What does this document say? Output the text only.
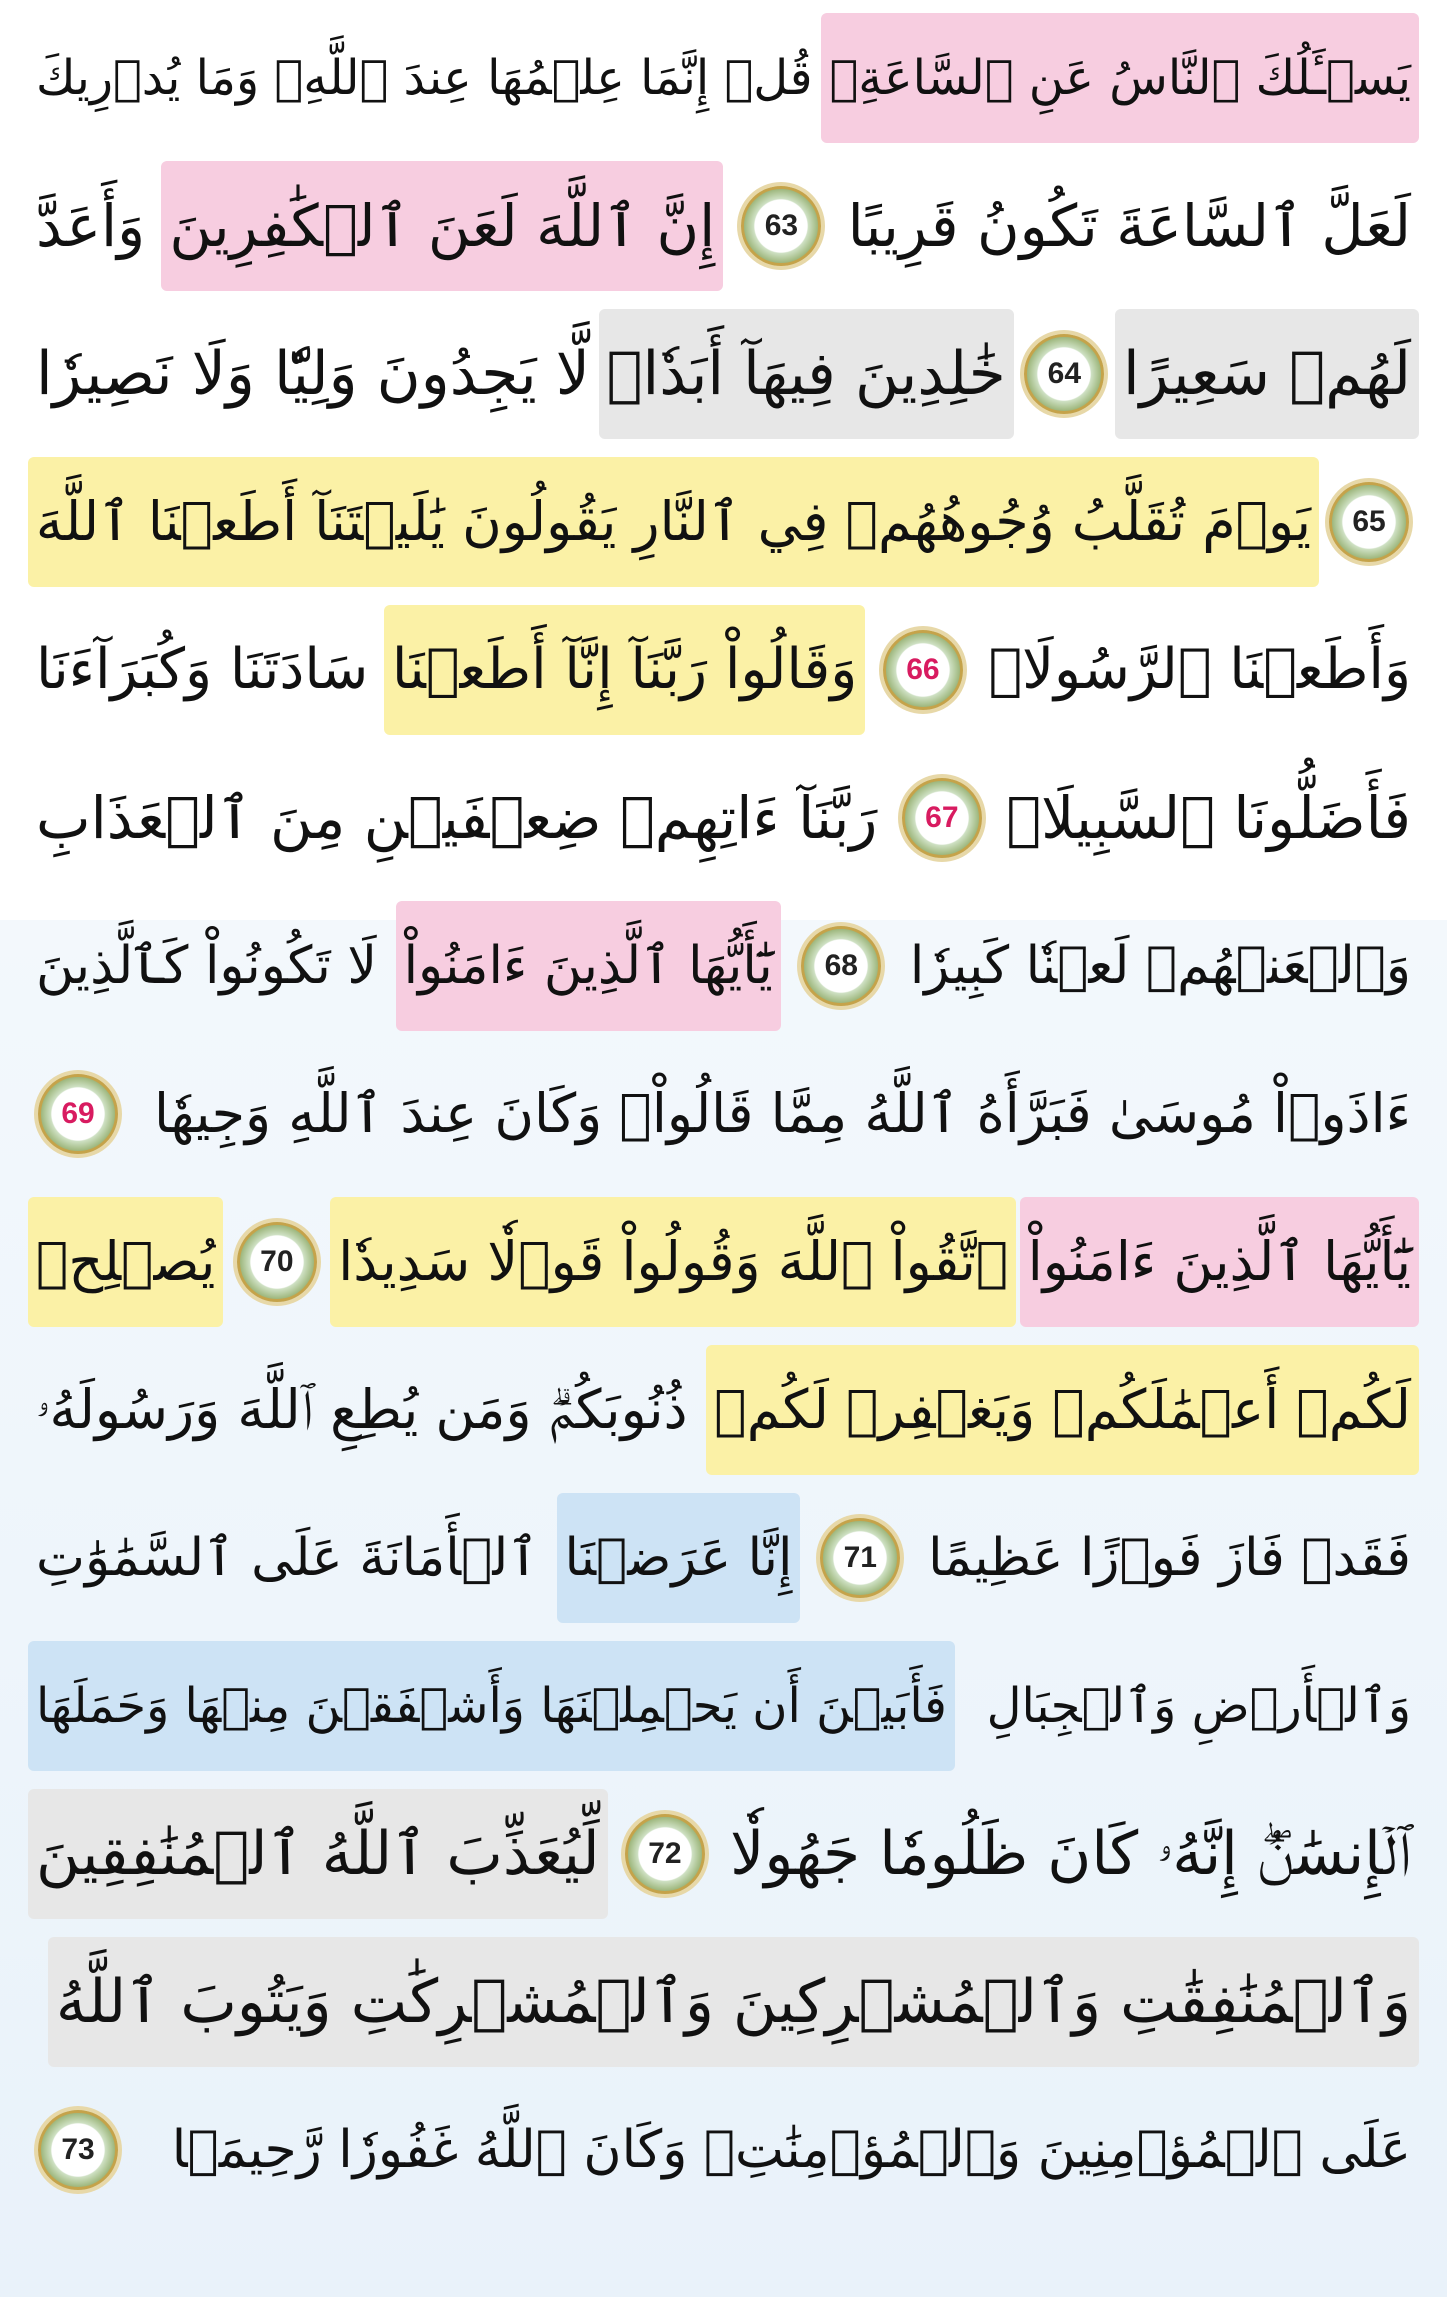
يَسۡـَٔلُكَ ٱلنَّاسُ عَنِ ٱلسَّاعَةِۖ
قُلۡ إِنَّمَا عِلۡمُهَا عِندَ ٱللَّهِۚ وَمَا يُدۡرِيكَ
لَعَلَّ ٱلسَّاعَةَ تَكُونُ قَرِيبًا
63
إِنَّ ٱللَّهَ لَعَنَ ٱلۡكَٰفِرِينَ
وَأَعَدَّ
لَهُمۡ سَعِيرًا
64
خَٰلِدِينَ فِيهَآ أَبَدٗاۖ
لَّا يَجِدُونَ وَلِيّٗا وَلَا نَصِيرٗا
65
يَوۡمَ تُقَلَّبُ وُجُوهُهُمۡ فِي ٱلنَّارِ يَقُولُونَ يَٰلَيۡتَنَآ أَطَعۡنَا ٱللَّهَ
وَأَطَعۡنَا ٱلرَّسُولَا۠
66
وَقَالُواْ رَبَّنَآ إِنَّآ أَطَعۡنَا
سَادَتَنَا وَكُبَرَآءَنَا
فَأَضَلُّونَا ٱلسَّبِيلَا۠
67
رَبَّنَآ ءَاتِهِمۡ ضِعۡفَيۡنِ مِنَ ٱلۡعَذَابِ
وَٱلۡعَنۡهُمۡ لَعۡنٗا كَبِيرٗا
68
يَٰٓأَيُّهَا ٱلَّذِينَ ءَامَنُواْ
لَا تَكُونُواْ كَٱلَّذِينَ
ءَاذَوۡاْ مُوسَىٰ فَبَرَّأَهُ ٱللَّهُ مِمَّا قَالُواْۚ وَكَانَ عِندَ ٱللَّهِ وَجِيهٗا
69
يَٰٓأَيُّهَا ٱلَّذِينَ ءَامَنُواْ
ٱتَّقُواْ ٱللَّهَ وَقُولُواْ قَوۡلٗا سَدِيدٗا
70
يُصۡلِحۡ
لَكُمۡ أَعۡمَٰلَكُمۡ وَيَغۡفِرۡ لَكُمۡ
ذُنُوبَكُمۡۗ وَمَن يُطِعِ ٱللَّهَ وَرَسُولَهُۥ
فَقَدۡ فَازَ فَوۡزًا عَظِيمًا
71
إِنَّا عَرَضۡنَا
ٱلۡأَمَانَةَ عَلَى ٱلسَّمَٰوَٰتِ
وَٱلۡأَرۡضِ وَٱلۡجِبَالِ
فَأَبَيۡنَ أَن يَحۡمِلۡنَهَا وَأَشۡفَقۡنَ مِنۡهَا وَحَمَلَهَا
ٱلۡإِنسَٰنُۖ إِنَّهُۥ كَانَ ظَلُومٗا جَهُولٗا
72
لِّيُعَذِّبَ ٱللَّهُ ٱلۡمُنَٰفِقِينَ
وَٱلۡمُنَٰفِقَٰتِ وَٱلۡمُشۡرِكِينَ وَٱلۡمُشۡرِكَٰتِ وَيَتُوبَ ٱللَّهُ
عَلَى ٱلۡمُؤۡمِنِينَ وَٱلۡمُؤۡمِنَٰتِۗ وَكَانَ ٱللَّهُ غَفُورٗا رَّحِيمَۢا
73
